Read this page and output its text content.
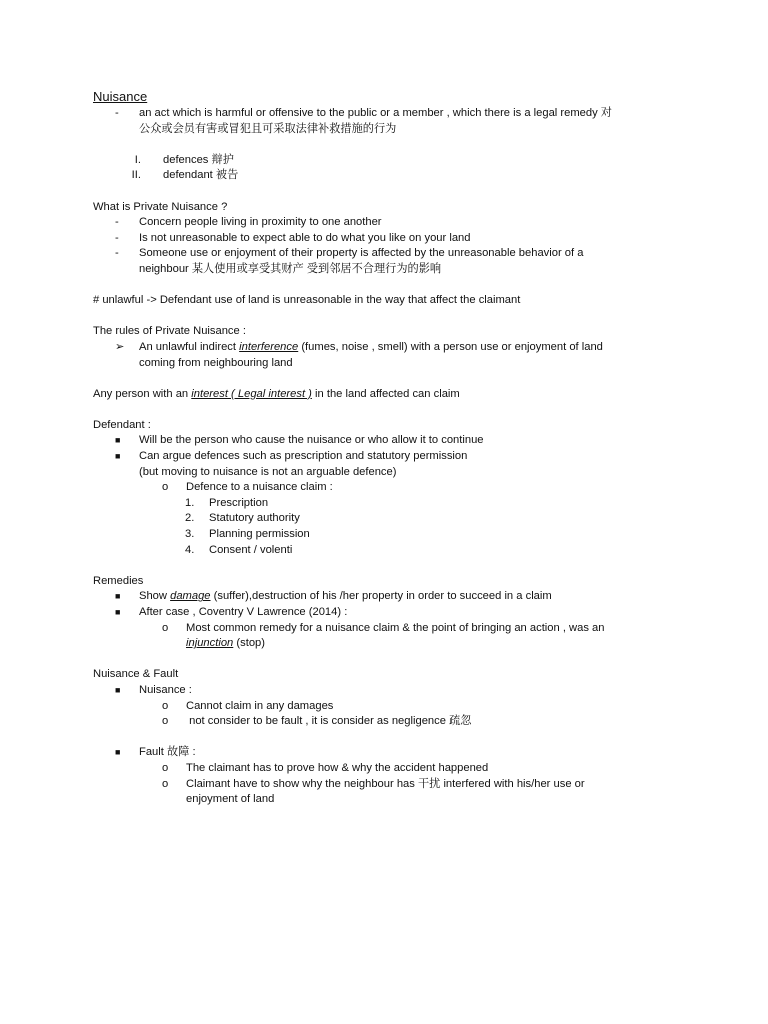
Nuisance
- an act which is harmful or offensive to the public or a member , which there is a legal remedy 对
公众或会员有害或冒犯且可采取法律补救措施的行为
I. defences 辩护
II. defendant 被告
What is Private Nuisance ?
- Concern people living in proximity to one another
- Is not unreasonable to expect able to do what you like on your land
- Someone use or enjoyment of their property is affected by the unreasonable behavior of a
neighbour 某人使用或享受其财产 受到邻居不合理行为的影响
# unlawful -> Defendant use of land is unreasonable in the way that affect the claimant
The rules of Private Nuisance :
➢ An unlawful indirect interference (fumes, noise , smell) with a person use or enjoyment of land
coming from neighbouring land
Any person with an interest ( Legal interest ) in the land affected can claim
Defendant :
■ Will be the person who cause the nuisance or who allow it to continue
■ Can argue defences such as prescription and statutory permission
(but moving to nuisance is not an arguable defence)
o Defence to a nuisance claim :
1. Prescription
2. Statutory authority
3. Planning permission
4. Consent / volenti
Remedies
■ Show damage (suffer),destruction of his /her property in order to succeed in a claim
■ After case , Coventry V Lawrence (2014) :
o Most common remedy for a nuisance claim & the point of bringing an action , was an
injunction (stop)
Nuisance & Fault
■ Nuisance :
o Cannot claim in any damages
o not consider to be fault , it is consider as negligence 疏忽
■ Fault 故障 :
o The claimant has to prove how & why the accident happened
o Claimant have to show why the neighbour has 干扰 interfered with his/her use or
enjoyment of land
